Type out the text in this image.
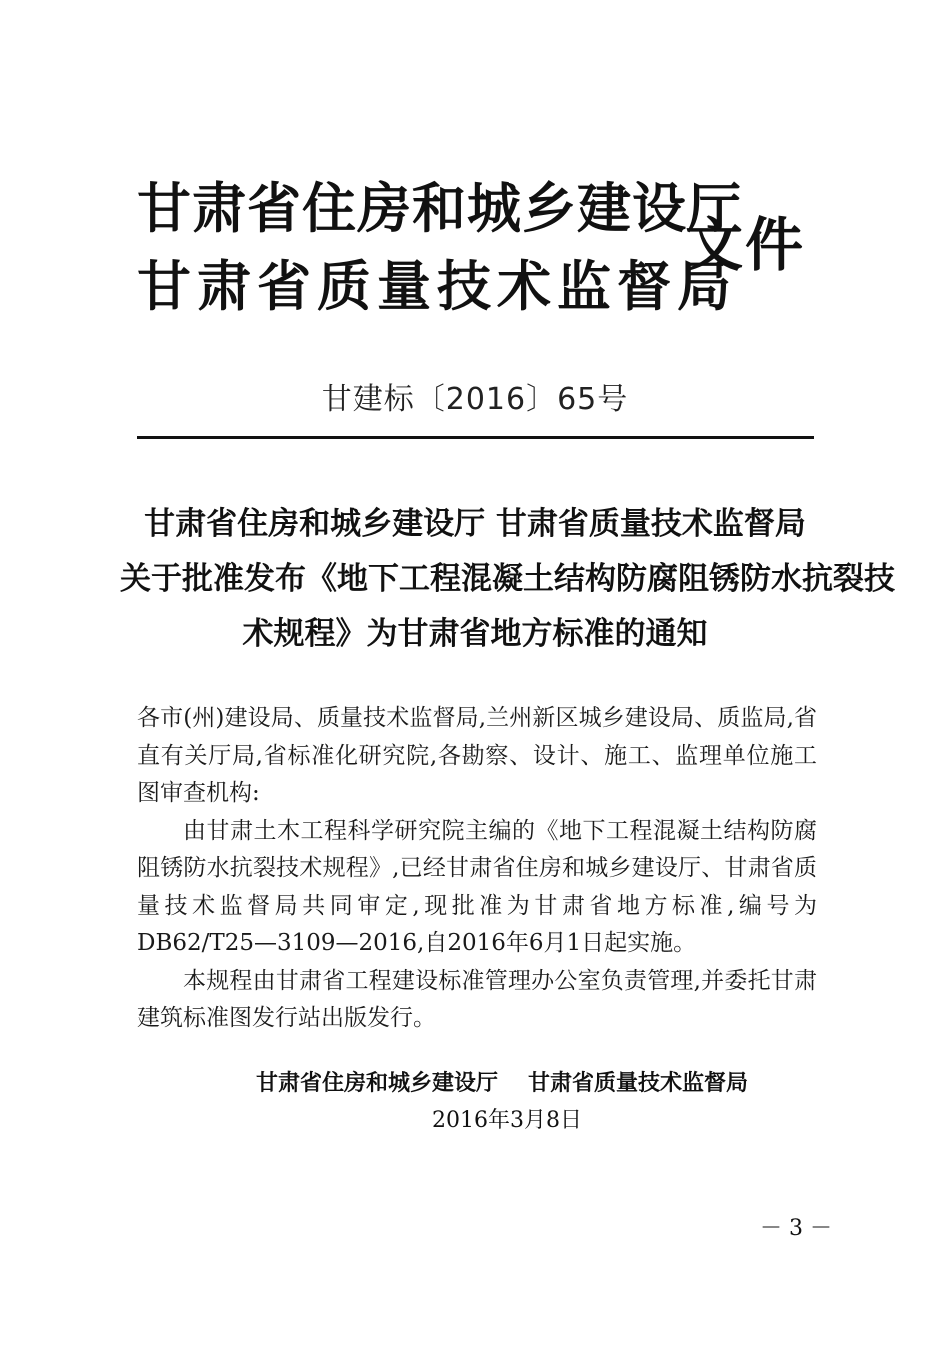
甘肃省住房和城乡建设厅
甘肃省质量技术监督局
文件
甘建标〔2016〕65号
甘肃省住房和城乡建设厅 甘肃省质量技术监督局
关于批准发布《地下工程混凝土结构防腐阻锈防水抗裂技
术规程》为甘肃省地方标准的通知

各市(州)建设局、质量技术监督局,兰州新区城乡建设局、质监局,省直有关厅局,省标准化研究院,各勘察、设计、施工、监理单位施工图审查机构:

由甘肃土木工程科学研究院主编的《地下工程混凝土结构防腐阻锈防水抗裂技术规程》,已经甘肃省住房和城乡建设厅、甘肃省质量技术监督局共同审定,现批准为甘肃省地方标准,编号为DB62/T25—3109—2016,自2016年6月1日起实施。

本规程由甘肃省工程建设标准管理办公室负责管理,并委托甘肃建筑标准图发行站出版发行。

甘肃省住房和城乡建设厅 甘肃省质量技术监督局
2016年3月8日
－ 3 －
